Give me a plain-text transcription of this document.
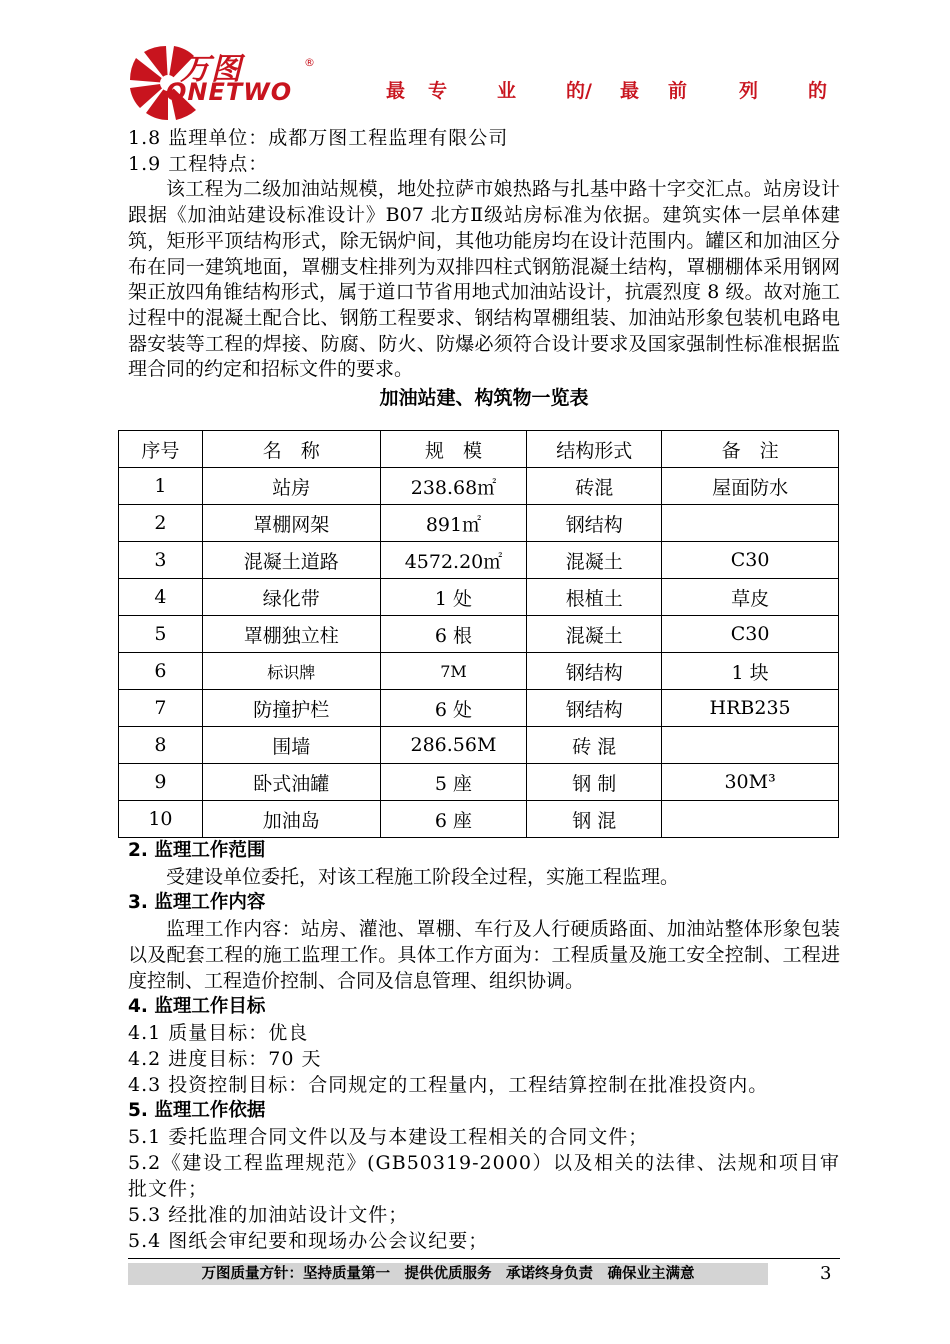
万图	®
ONETWO	最 专	业	的/ 最 前	列	的

1.8 监理单位：成都万图工程监理有限公司

1.9 工程特点：

该工程为二级加油站规模，地处拉萨市娘热路与扎基中路十字交汇点。站房设计跟据《加油站建设标准设计》B07 北方Ⅱ级站房标准为依据。建筑实体一层单体建筑，矩形平顶结构形式，除无锅炉间，其他功能房均在设计范围内。罐区和加油区分布在同一建筑地面，罩棚支柱排列为双排四柱式钢筋混凝土结构，罩棚棚体采用钢网架正放四角锥结构形式，属于道口节省用地式加油站设计，抗震烈度 8 级。故对施工过程中的混凝土配合比、钢筋工程要求、钢结构罩棚组装、加油站形象包装机电路电器安装等工程的焊接、防腐、防火、防爆必须符合设计要求及国家强制性标准根据监理合同的约定和招标文件的要求。

加油站建、构筑物一览表

序号	名　称	规　模	结构形式	备　注
1	站房	238.68㎡	砖混	屋面防水
2	罩棚网架	891㎡	钢结构	
3	混凝土道路	4572.20㎡	混凝土	C30
4	绿化带	1 处	根植土	草皮
5	罩棚独立柱	6 根	混凝土	C30
6	标识牌	7M	钢结构	1 块
7	防撞护栏	6 处	钢结构	HRB235
8	围墙	286.56M	砖 混	
9	卧式油罐	5 座	钢 制	30M³
10	加油岛	6 座	钢 混	

2. 监理工作范围

受建设单位委托，对该工程施工阶段全过程，实施工程监理。

3. 监理工作内容

监理工作内容：站房、灌池、罩棚、车行及人行硬质路面、加油站整体形象包装以及配套工程的施工监理工作。具体工作方面为：工程质量及施工安全控制、工程进度控制、工程造价控制、合同及信息管理、组织协调。

4. 监理工作目标

4.1 质量目标：优良

4.2 进度目标：70 天

4.3 投资控制目标：合同规定的工程量内，工程结算控制在批准投资内。

5. 监理工作依据

5.1 委托监理合同文件以及与本建设工程相关的合同文件；

5.2《建设工程监理规范》(GB50319-2000）以及相关的法律、法规和项目审批文件；

5.3 经批准的加油站设计文件；

5.4 图纸会审纪要和现场办公会议纪要；

万图质量方针：坚持质量第一　提供优质服务　承诺终身负责　确保业主满意	3
